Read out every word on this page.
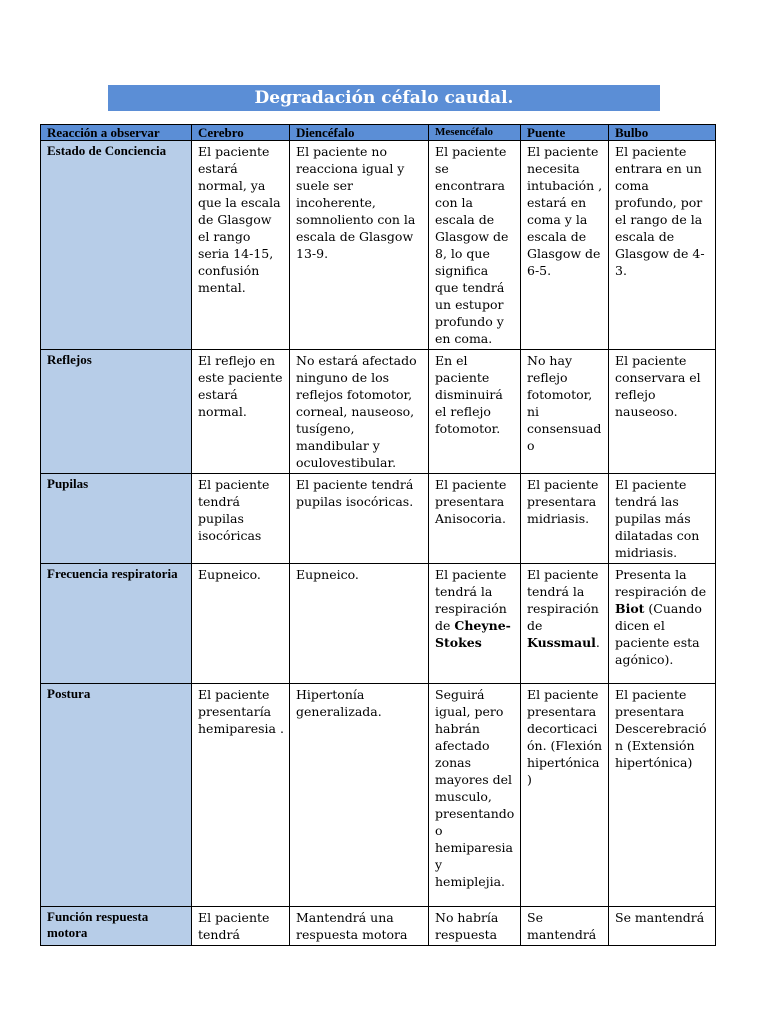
Degradación céfalo caudal.
Reacción a observar	Cerebro	Diencéfalo	Mesencéfalo	Puente	Bulbo
Estado de Conciencia	El paciente estará normal, ya que la escala de Glasgow el rango seria 14-15, confusión mental.	El paciente no reacciona igual y suele ser incoherente, somnoliento con la escala de Glasgow 13-9.	El paciente se encontrara con la escala de Glasgow de 8, lo que significa que tendrá un estupor profundo y en coma.	El paciente necesita intubación , estará en coma y la escala de Glasgow de 6-5.	El paciente entrara en un coma profundo, por el rango de la escala de Glasgow de 4-3.
Reflejos	El reflejo en este paciente estará normal.	No estará afectado ninguno de los reflejos fotomotor, corneal, nauseoso, tusígeno, mandibular y oculovestibular.	En el paciente disminuirá el reflejo fotomotor.	No hay reflejo fotomotor, ni consensuado	El paciente conservara el reflejo nauseoso.
Pupilas	El paciente tendrá pupilas isocóricas	El paciente tendrá pupilas isocóricas.	El paciente presentara Anisocoria.	El paciente presentara midriasis.	El paciente tendrá las pupilas más dilatadas con midriasis.
Frecuencia respiratoria	Eupneico.	Eupneico.	El paciente tendrá la respiración de Cheyne-Stokes	El paciente tendrá la respiración de Kussmaul.	Presenta la respiración de Biot (Cuando dicen el paciente esta agónico).
Postura	El paciente presentaría hemiparesia .	Hipertonía generalizada.	Seguirá igual, pero habrán afectado zonas mayores del musculo, presentando o hemiparesia y hemiplejia.	El paciente presentara decorticación. (Flexión hipertónica)	El paciente presentara Descerebración (Extensión hipertónica)
Función respuesta motora	El paciente tendrá	Mantendrá una respuesta motora	No habría respuesta	Se mantendrá	Se mantendrá
